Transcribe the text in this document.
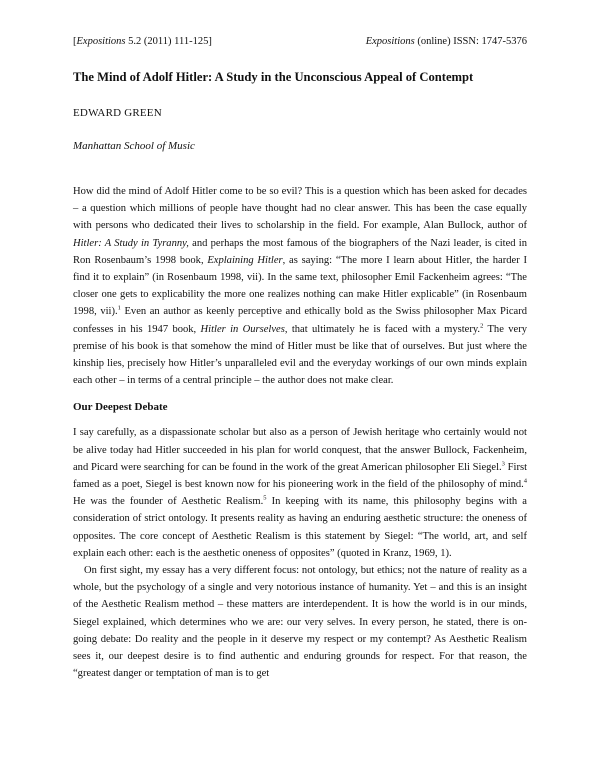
[Expositions 5.2 (2011) 111-125]	Expositions (online) ISSN: 1747-5376
The Mind of Adolf Hitler: A Study in the Unconscious Appeal of Contempt
EDWARD GREEN
Manhattan School of Music

How did the mind of Adolf Hitler come to be so evil? This is a question which has been asked for decades – a question which millions of people have thought had no clear answer. This has been the case equally with persons who dedicated their lives to scholarship in the field. For example, Alan Bullock, author of Hitler: A Study in Tyranny, and perhaps the most famous of the biographers of the Nazi leader, is cited in Ron Rosenbaum’s 1998 book, Explaining Hitler, as saying: “The more I learn about Hitler, the harder I find it to explain” (in Rosenbaum 1998, vii). In the same text, philosopher Emil Fackenheim agrees: “The closer one gets to explicability the more one realizes nothing can make Hitler explicable” (in Rosenbaum 1998, vii).$^1$ Even an author as keenly perceptive and ethically bold as the Swiss philosopher Max Picard confesses in his 1947 book, Hitler in Ourselves, that ultimately he is faced with a mystery.$^2$ The very premise of his book is that somehow the mind of Hitler must be like that of ourselves. But just where the kinship lies, precisely how Hitler’s unparalleled evil and the everyday workings of our own minds explain each other – in terms of a central principle – the author does not make clear.

Our Deepest Debate

I say carefully, as a dispassionate scholar but also as a person of Jewish heritage who certainly would not be alive today had Hitler succeeded in his plan for world conquest, that the answer Bullock, Fackenheim, and Picard were searching for can be found in the work of the great American philosopher Eli Siegel.$^3$ First famed as a poet, Siegel is best known now for his pioneering work in the field of the philosophy of mind.$^4$ He was the founder of Aesthetic Realism.$^5$ In keeping with its name, this philosophy begins with a consideration of strict ontology. It presents reality as having an enduring aesthetic structure: the oneness of opposites. The core concept of Aesthetic Realism is this statement by Siegel: “The world, art, and self explain each other: each is the aesthetic oneness of opposites” (quoted in Kranz, 1969, 1).

On first sight, my essay has a very different focus: not ontology, but ethics; not the nature of reality as a whole, but the psychology of a single and very notorious instance of humanity. Yet – and this is an insight of the Aesthetic Realism method – these matters are interdependent. It is how the world is in our minds, Siegel explained, which determines who we are: our very selves. In every person, he stated, there is on-going debate: Do reality and the people in it deserve my respect or my contempt? As Aesthetic Realism sees it, our deepest desire is to find authentic and enduring grounds for respect. For that reason, the “greatest danger or temptation of man is to get
